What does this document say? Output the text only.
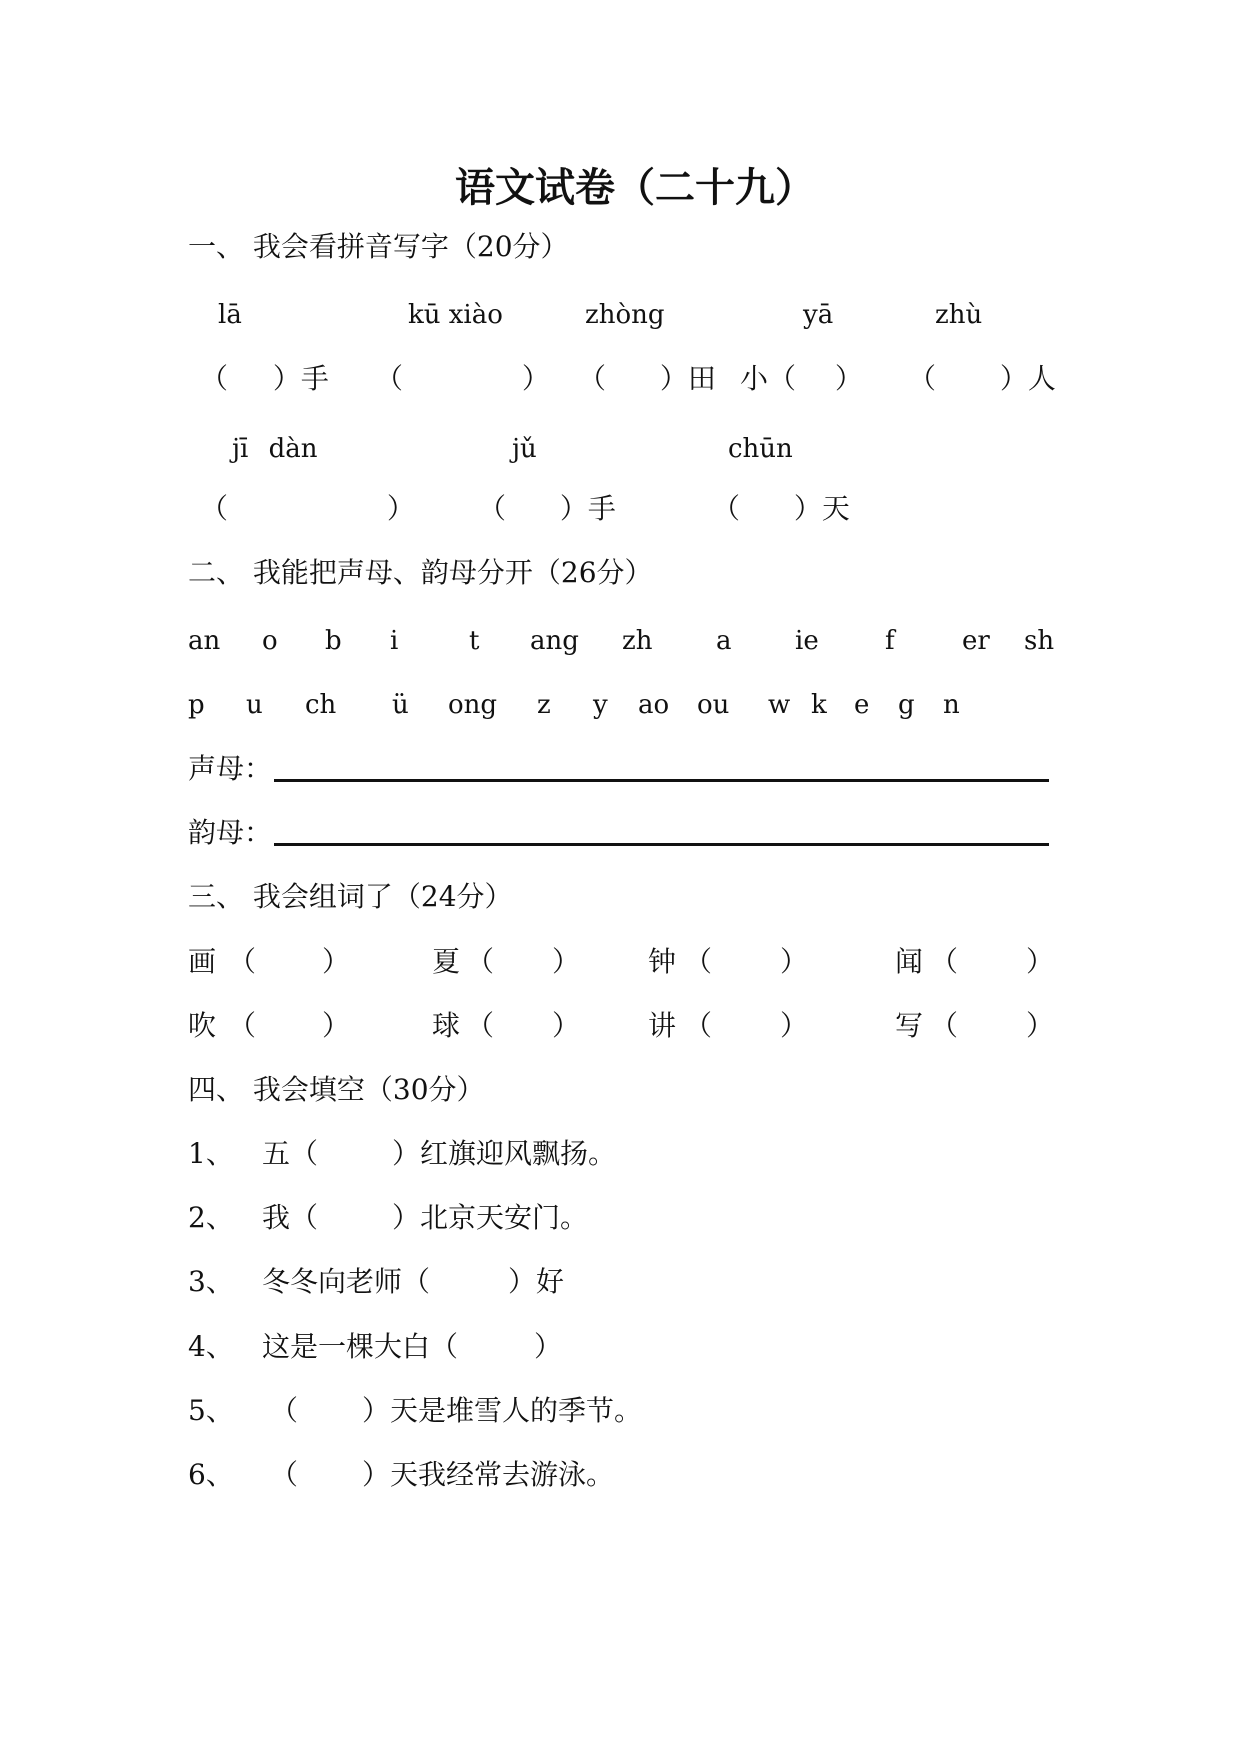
语文试卷（二十九）
一、 我会看拼音写字（20分）
lā	kū xiào	zhòng	yā	zhù
（ ）手 （ ） （ ）田 小（ ） （ ）人
jī dàn	jǔ	chūn
（ ） （ ）手	（ ）天
二、 我能把声母、韵母分开（26分）
an o b i	t ang zh a ie	f	er sh
p u ch ü ong z y ao ou w k e g n
声母：
韵母：
三、 我会组词了（24分）
画 （ ）	夏 （ ） 钟 （ ）	闻 （ ）
吹 （ ）	球 （ ） 讲 （ ）	写 （ ）
四、 我会填空（30分）
1、 五（	）红旗迎风飘扬。
2、 我（	）北京天安门。
3、 冬冬向老师（	）好
4、 这是一棵大白（	）
5、 （ ）天是堆雪人的季节。
6、 （ ）天我经常去游泳。
